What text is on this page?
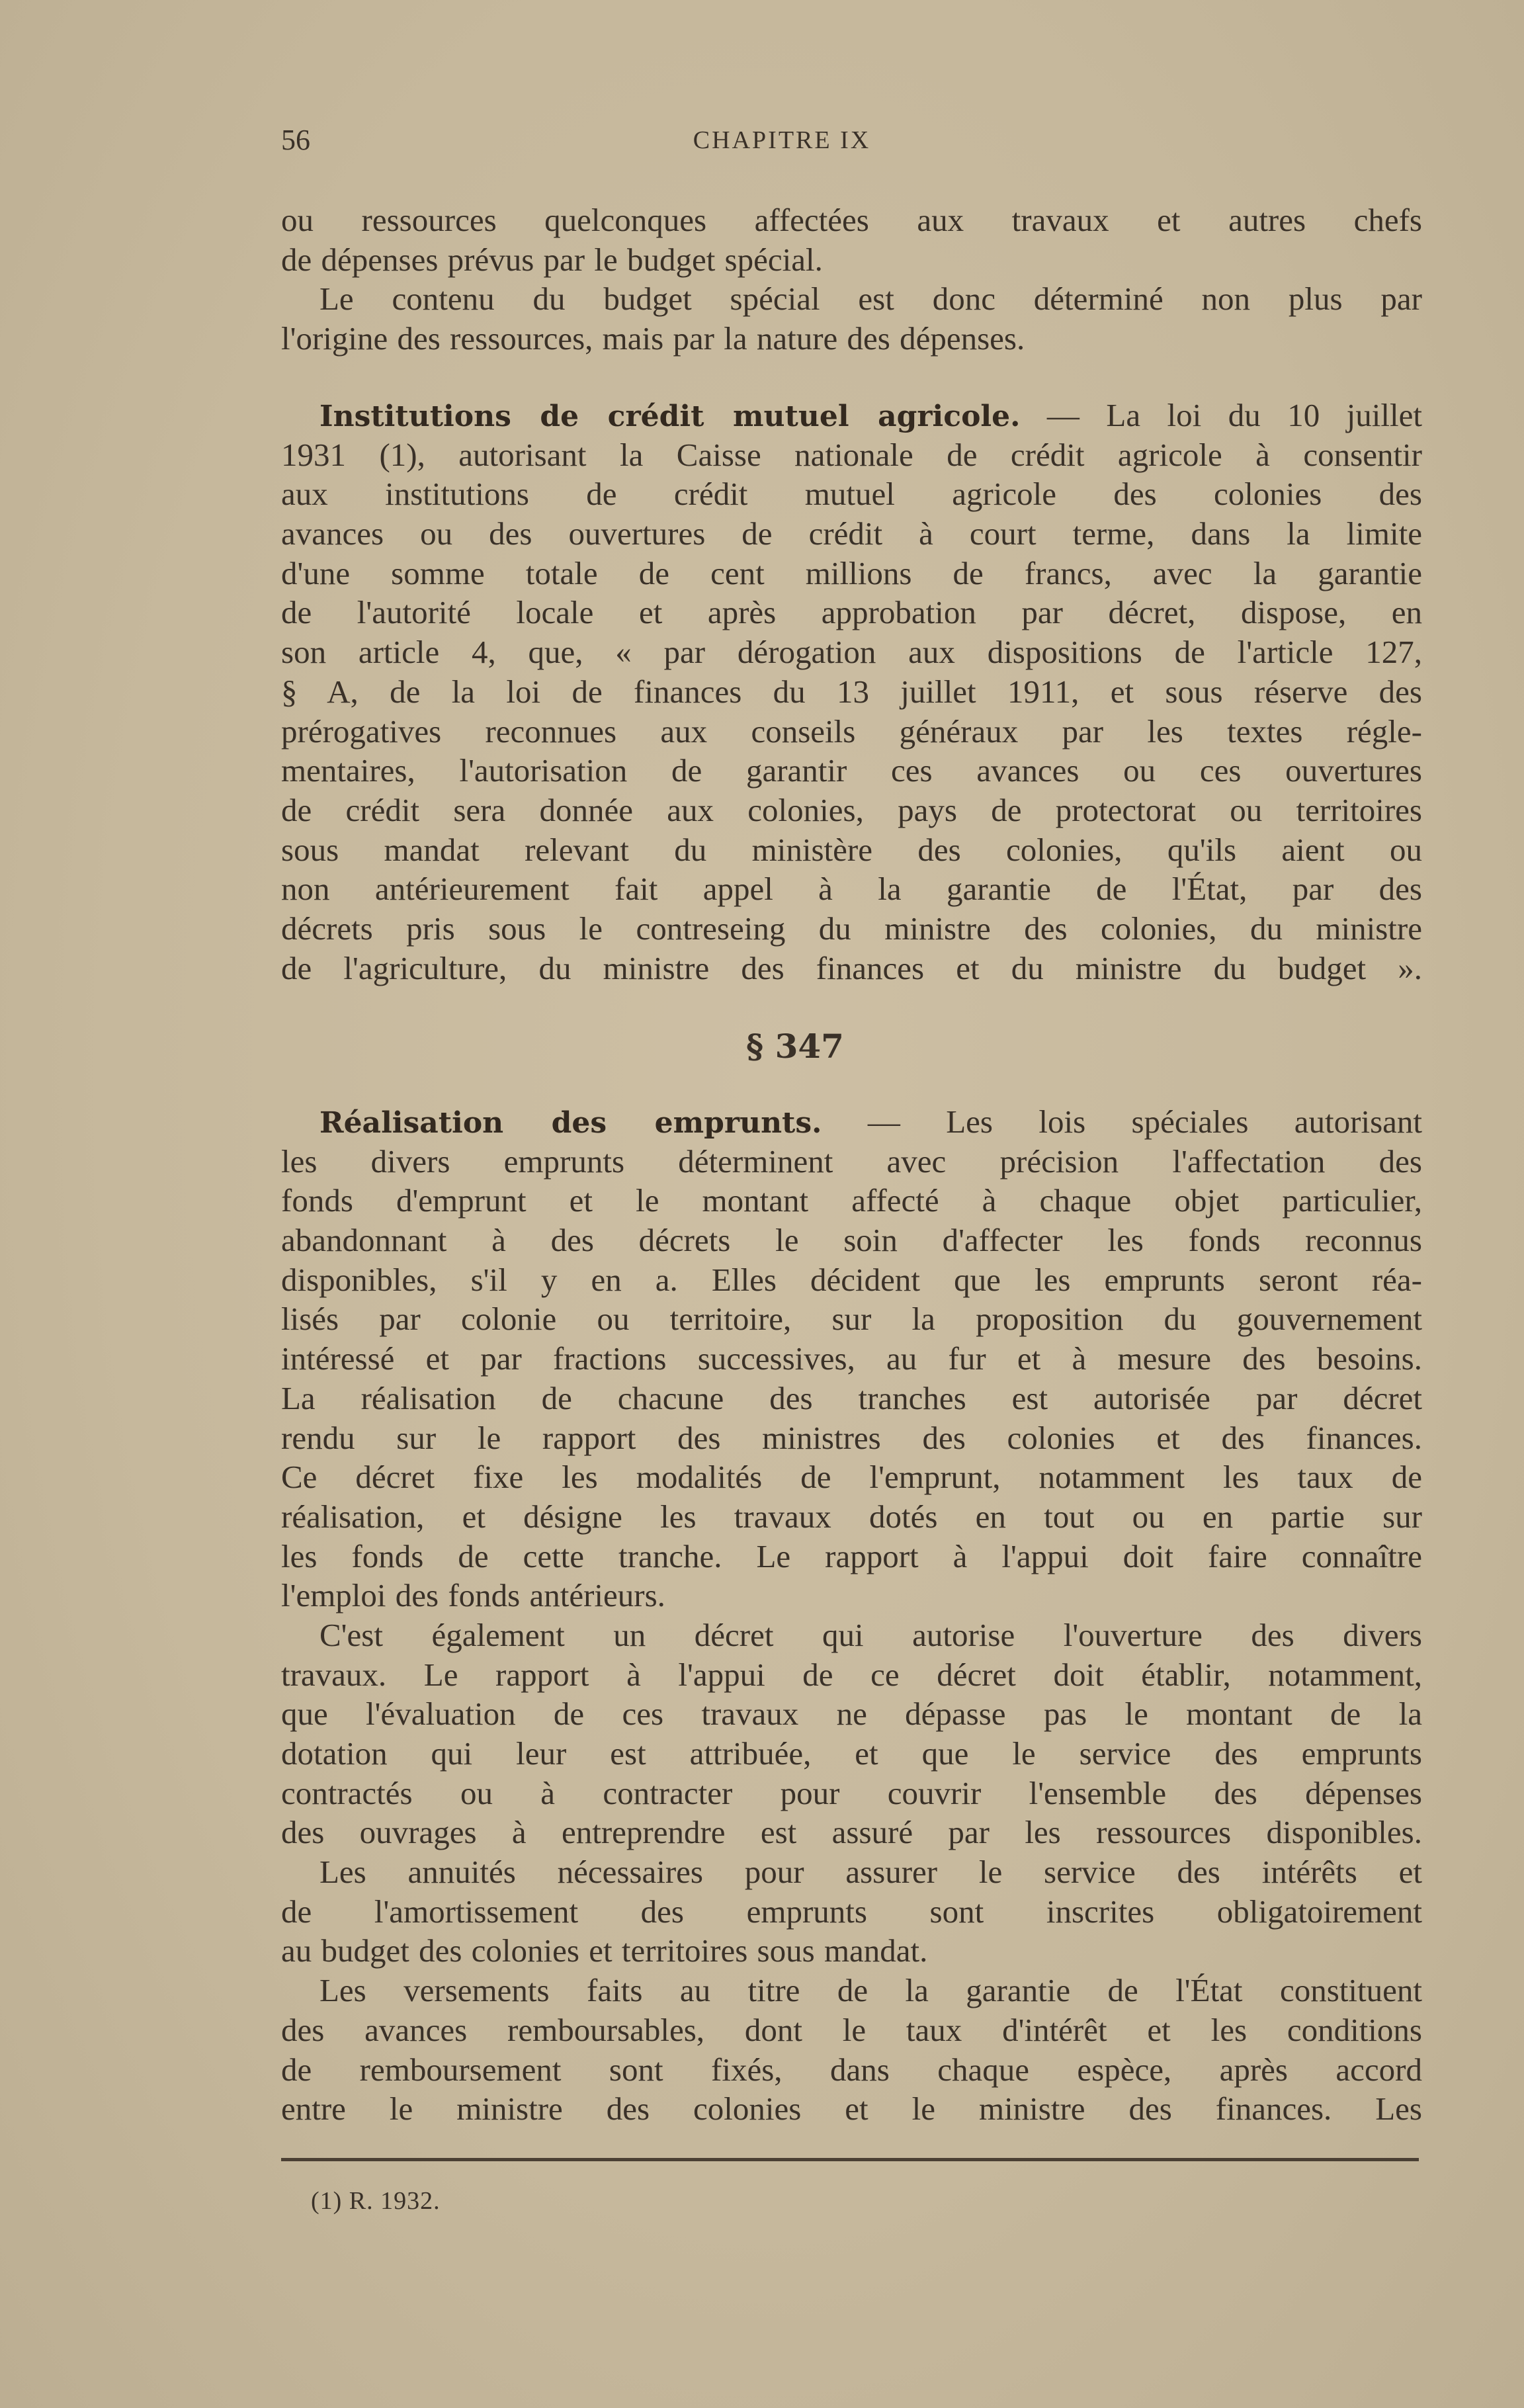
56	CHAPITRE IX
ou ressources quelconques affectées aux travaux et autres chefs
de dépenses prévus par le budget spécial.
Le contenu du budget spécial est donc déterminé non plus par
l'origine des ressources, mais par la nature des dépenses.
Institutions de crédit mutuel agricole. — La loi du 10 juillet
1931 (1), autorisant la Caisse nationale de crédit agricole à consentir
aux institutions de crédit mutuel agricole des colonies des
avances ou des ouvertures de crédit à court terme, dans la limite
d'une somme totale de cent millions de francs, avec la garantie
de l'autorité locale et après approbation par décret, dispose, en
son article 4, que, « par dérogation aux dispositions de l'article 127,
§ A, de la loi de finances du 13 juillet 1911, et sous réserve des
prérogatives reconnues aux conseils généraux par les textes régle-
mentaires, l'autorisation de garantir ces avances ou ces ouvertures
de crédit sera donnée aux colonies, pays de protectorat ou territoires
sous mandat relevant du ministère des colonies, qu'ils aient ou
non antérieurement fait appel à la garantie de l'État, par des
décrets pris sous le contreseing du ministre des colonies, du ministre
de l'agriculture, du ministre des finances et du ministre du budget ».
§ 347
Réalisation des emprunts. — Les lois spéciales autorisant
les divers emprunts déterminent avec précision l'affectation des
fonds d'emprunt et le montant affecté à chaque objet particulier,
abandonnant à des décrets le soin d'affecter les fonds reconnus
disponibles, s'il y en a. Elles décident que les emprunts seront réa-
lisés par colonie ou territoire, sur la proposition du gouvernement
intéressé et par fractions successives, au fur et à mesure des besoins.
La réalisation de chacune des tranches est autorisée par décret
rendu sur le rapport des ministres des colonies et des finances.
Ce décret fixe les modalités de l'emprunt, notamment les taux de
réalisation, et désigne les travaux dotés en tout ou en partie sur
les fonds de cette tranche. Le rapport à l'appui doit faire connaître
l'emploi des fonds antérieurs.
C'est également un décret qui autorise l'ouverture des divers
travaux. Le rapport à l'appui de ce décret doit établir, notamment,
que l'évaluation de ces travaux ne dépasse pas le montant de la
dotation qui leur est attribuée, et que le service des emprunts
contractés ou à contracter pour couvrir l'ensemble des dépenses
des ouvrages à entreprendre est assuré par les ressources disponibles.
Les annuités nécessaires pour assurer le service des intérêts et
de l'amortissement des emprunts sont inscrites obligatoirement
au budget des colonies et territoires sous mandat.
Les versements faits au titre de la garantie de l'État constituent
des avances remboursables, dont le taux d'intérêt et les conditions
de remboursement sont fixés, dans chaque espèce, après accord
entre le ministre des colonies et le ministre des finances. Les
(1) R. 1932.
